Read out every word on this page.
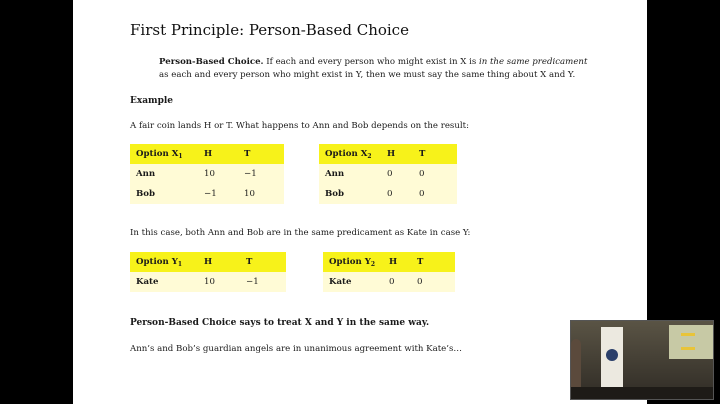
First Principle: Person-Based Choice

Person-Based Choice. If each and every person who might exist in X is in the same predicament as each and every person who might exist in Y, then we must say the same thing about X and Y.

Example
A fair coin lands H or T. What happens to Ann and Bob depends on the result:
Option $X_1$	H	T
Ann	10	−1
Bob	−1	10
Option $X_2$	H	T
Ann	0	0
Bob	0	0
In this case, both Ann and Bob are in the same predicament as Kate in case Y:
Option $Y_1$	H	T
Kate	10	−1
Option $Y_2$	H	T
Kate	0	0
Person-Based Choice says to treat X and Y in the same way.
Ann’s and Bob’s guardian angels are in unanimous agreement with Kate’s…
